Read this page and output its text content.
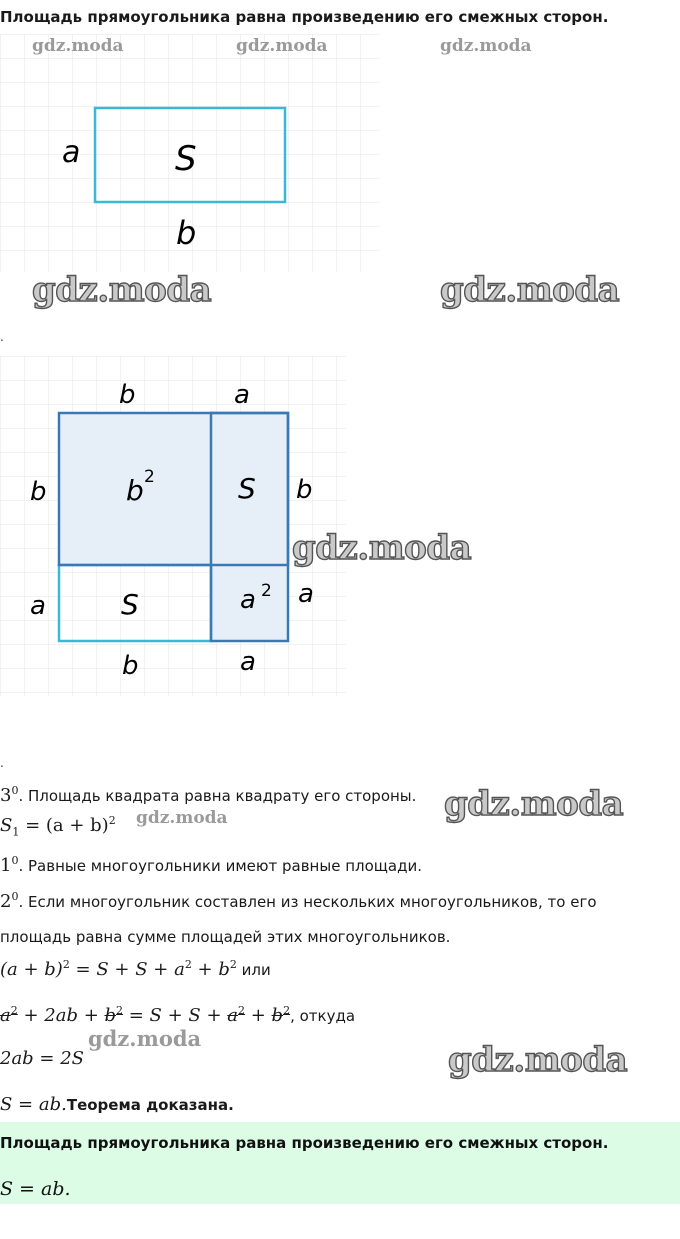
Площадь прямоугольника равна произведению его смежных сторон.
a	S
b
gdz.moda	gdz.moda	gdz.moda
gdz.moda	gdz.moda
.
b	a
b
a
b
a
b	a
b 2	S
S	a 2
gdz.moda
.
$3^0$. Площадь квадрата равна квадрату его стороны. gdz.moda
$S_1 = (a + b)^2$ gdz.moda
$1^0$. Равные многоугольники имеют равные площади.
$2^0$. Если многоугольник составлен из нескольких многоугольников, то его
площадь равна сумме площадей этих многоугольников.
$(a + b)^2 = S + S + a^2 + b^2$ или
$a^2 + 2ab + b^2 = S + S + a^2 + b^2$, откуда
gdz.moda
2ab = 2S	gdz.moda
S = ab.Теорема доказана.
Площадь прямоугольника равна произведению его смежных сторон.
S = ab.
